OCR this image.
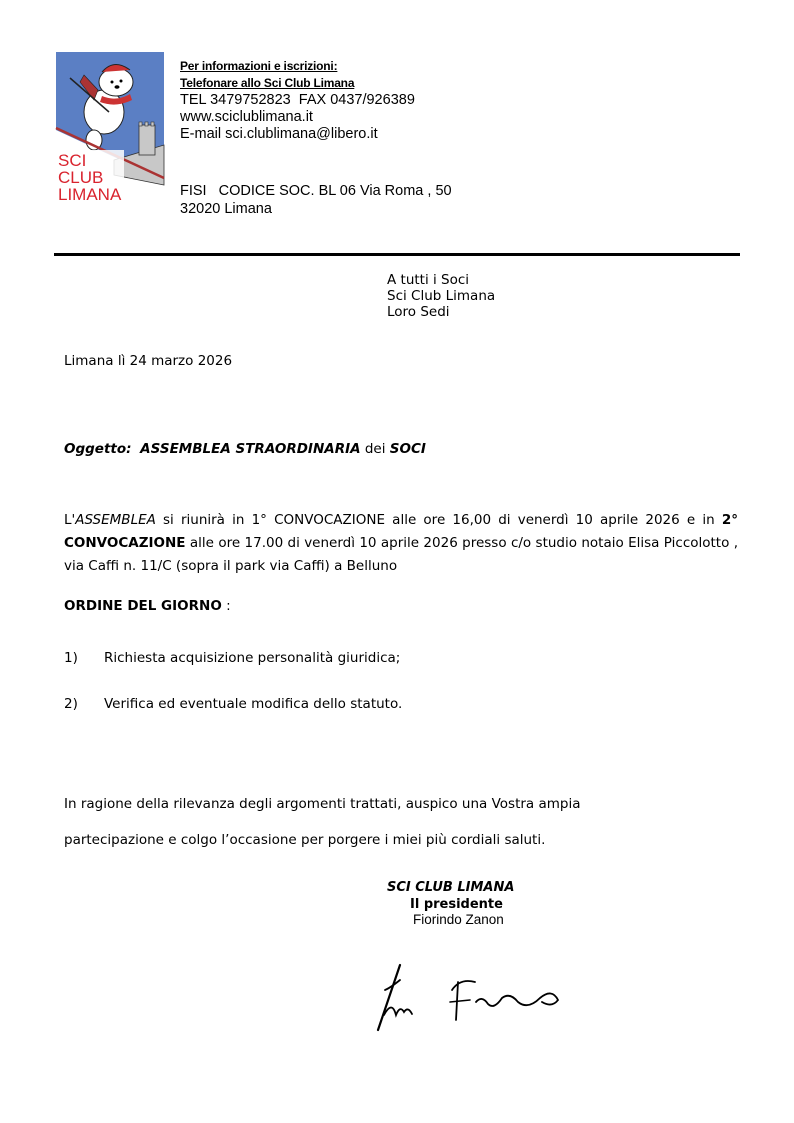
SCI
CLUB
LIMANA
Per informazioni e iscrizioni:
Telefonare allo Sci Club Limana
TEL 3479752823  FAX 0437/926389
www.sciclublimana.it
E-mail sci.clublimana@libero.it
FISI   CODICE SOC. BL 06 Via Roma , 50
32020 Limana
A tutti i Soci
Sci Club Limana
Loro Sedi
Limana lì 24 marzo 2026
Oggetto: ASSEMBLEA STRAORDINARIA dei SOCI
L'ASSEMBLEA si riunirà in 1° CONVOCAZIONE alle ore 16,00 di venerdì 10 aprile 2026 e in 2° CONVOCAZIONE alle ore 17.00 di venerdì 10 aprile 2026 presso c/o studio notaio Elisa Piccolotto , via Caffi n. 11/C (sopra il park via Caffi) a Belluno
ORDINE DEL GIORNO :
1) Richiesta acquisizione personalità giuridica;
2) Verifica ed eventuale modifica dello statuto.
In ragione della rilevanza degli argomenti trattati, auspico una Vostra ampia
partecipazione e colgo l’occasione per porgere i miei più cordiali saluti.
SCI CLUB LIMANA
Il presidente
Fiorindo Zanon
